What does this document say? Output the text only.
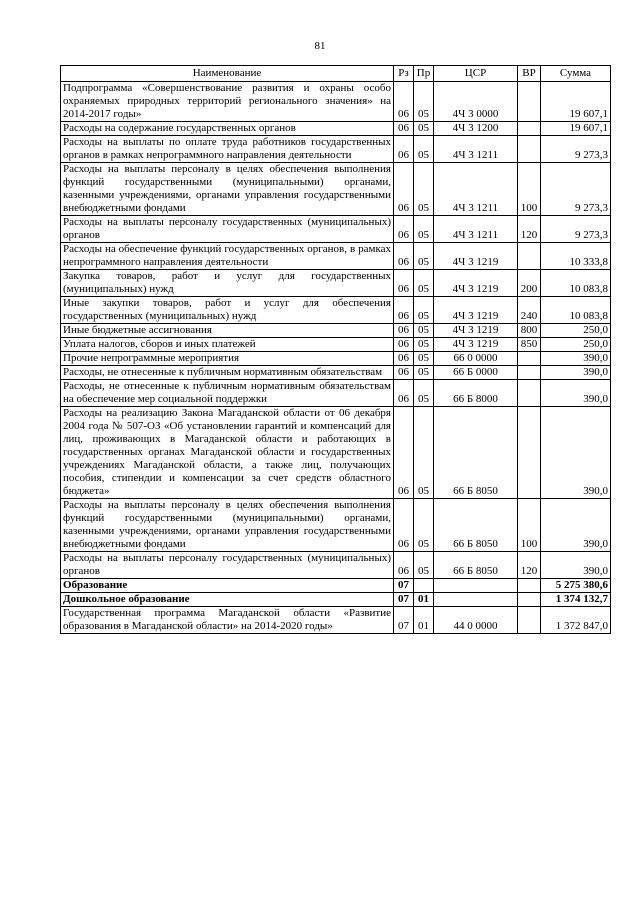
81
Наименование	Рз	Пр	ЦСР	ВР	Сумма
Подпрограмма «Совершенствование развития и охраны особо охраняемых природных территорий регионального значения» на 2014-2017 годы»	06	05	4Ч 3 0000		19 607,1
Расходы на содержание государственных органов	06	05	4Ч 3 1200		19 607,1
Расходы на выплаты по оплате труда работников государственных органов в рамках непрограммного направления деятельности	06	05	4Ч 3 1211		9 273,3
Расходы на выплаты персоналу в целях обеспечения выполнения функций государственными (муниципальными) органами, казенными учреждениями, органами управления государственными внебюджетными фондами	06	05	4Ч 3 1211	100	9 273,3
Расходы на выплаты персоналу государственных (муниципальных) органов	06	05	4Ч 3 1211	120	9 273,3
Расходы на обеспечение функций государственных органов, в рамках непрограммного направления деятельности	06	05	4Ч 3 1219		10 333,8
Закупка товаров, работ и услуг для государственных (муниципальных) нужд	06	05	4Ч 3 1219	200	10 083,8
Иные закупки товаров, работ и услуг для обеспечения государственных (муниципальных) нужд	06	05	4Ч 3 1219	240	10 083,8
Иные бюджетные ассигнования	06	05	4Ч 3 1219	800	250,0
Уплата налогов, сборов и иных платежей	06	05	4Ч 3 1219	850	250,0
Прочие непрограммные мероприятия	06	05	66 0 0000		390,0
Расходы, не отнесенные к публичным нормативным обязательствам	06	05	66 Б 0000		390,0
Расходы, не отнесенные к публичным нормативным обязательствам на обеспечение мер социальной поддержки	06	05	66 Б 8000		390,0
Расходы на реализацию Закона Магаданской области от 06 декабря 2004 года № 507-ОЗ «Об установлении гарантий и компенсаций для лиц, проживающих в Магаданской области и работающих в государственных органах Магаданской области и государственных учреждениях Магаданской области, а также лиц, получающих пособия, стипендии и компенсации за счет средств областного бюджета»	06	05	66 Б 8050		390,0
Расходы на выплаты персоналу в целях обеспечения выполнения функций государственными (муниципальными) органами, казенными учреждениями, органами управления государственными внебюджетными фондами	06	05	66 Б 8050	100	390,0
Расходы на выплаты персоналу государственных (муниципальных) органов	06	05	66 Б 8050	120	390,0
Образование	07				5 275 380,6
Дошкольное образование	07	01			1 374 132,7
Государственная программа Магаданской области «Развитие образования в Магаданской области» на 2014-2020 годы»	07	01	44 0 0000		1 372 847,0
